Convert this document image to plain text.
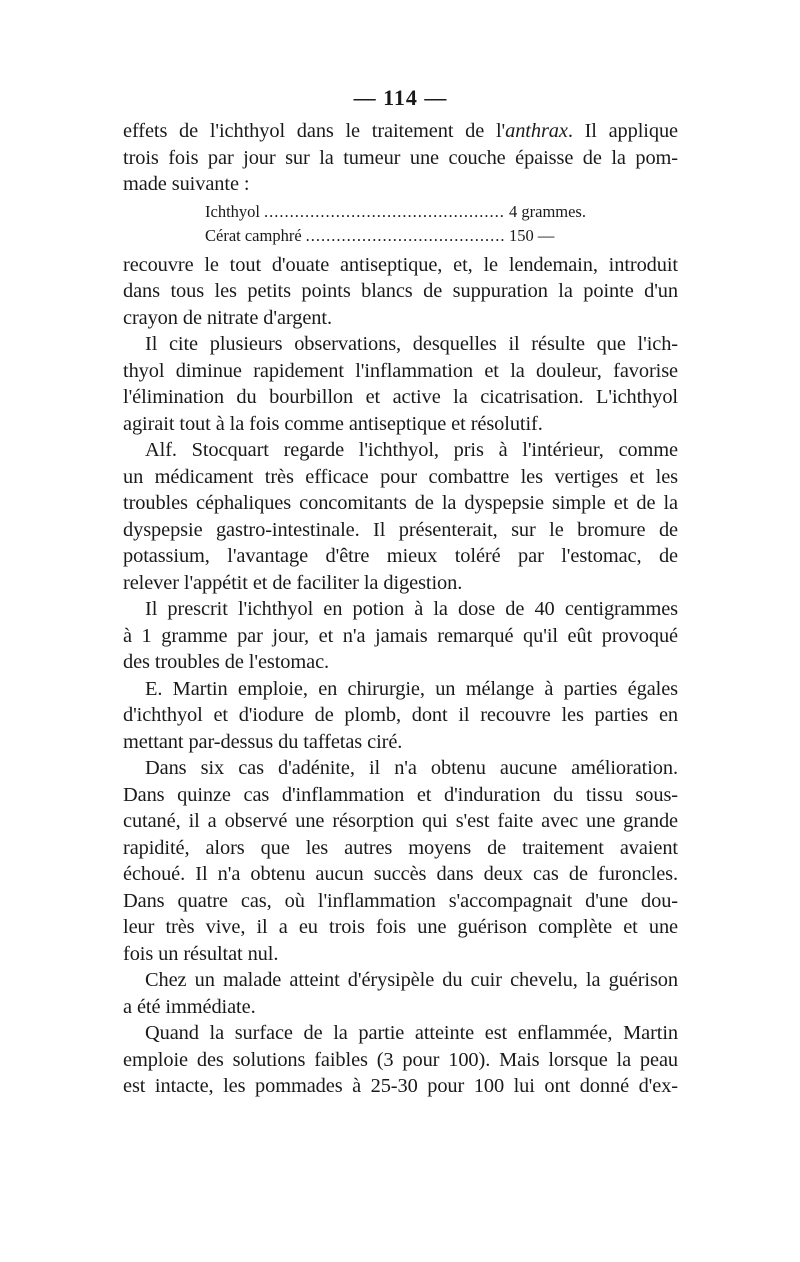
— 114 —
effets de l'ichthyol dans le traitement de l'anthrax. Il applique
trois fois par jour sur la tumeur une couche épaisse de la pom-
made suivante :
Ichthyol .....	4 grammes.
Cérat camphré .....	150 —
recouvre le tout d'ouate antiseptique, et, le lendemain, introduit
dans tous les petits points blancs de suppuration la pointe d'un
crayon de nitrate d'argent.
Il cite plusieurs observations, desquelles il résulte que l'ich-
thyol diminue rapidement l'inflammation et la douleur, favorise
l'élimination du bourbillon et active la cicatrisation. L'ichthyol
agirait tout à la fois comme antiseptique et résolutif.
Alf. Stocquart regarde l'ichthyol, pris à l'intérieur, comme
un médicament très efficace pour combattre les vertiges et les
troubles céphaliques concomitants de la dyspepsie simple et de la
dyspepsie gastro-intestinale. Il présenterait, sur le bromure de
potassium, l'avantage d'être mieux toléré par l'estomac, de
relever l'appétit et de faciliter la digestion.
Il prescrit l'ichthyol en potion à la dose de 40 centigrammes
à 1 gramme par jour, et n'a jamais remarqué qu'il eût provoqué
des troubles de l'estomac.
E. Martin emploie, en chirurgie, un mélange à parties égales
d'ichthyol et d'iodure de plomb, dont il recouvre les parties en
mettant par-dessus du taffetas ciré.
Dans six cas d'adénite, il n'a obtenu aucune amélioration.
Dans quinze cas d'inflammation et d'induration du tissu sous-
cutané, il a observé une résorption qui s'est faite avec une grande
rapidité, alors que les autres moyens de traitement avaient
échoué. Il n'a obtenu aucun succès dans deux cas de furoncles.
Dans quatre cas, où l'inflammation s'accompagnait d'une dou-
leur très vive, il a eu trois fois une guérison complète et une
fois un résultat nul.
Chez un malade atteint d'érysipèle du cuir chevelu, la guérison
a été immédiate.
Quand la surface de la partie atteinte est enflammée, Martin
emploie des solutions faibles (3 pour 100). Mais lorsque la peau
est intacte, les pommades à 25-30 pour 100 lui ont donné d'ex-
